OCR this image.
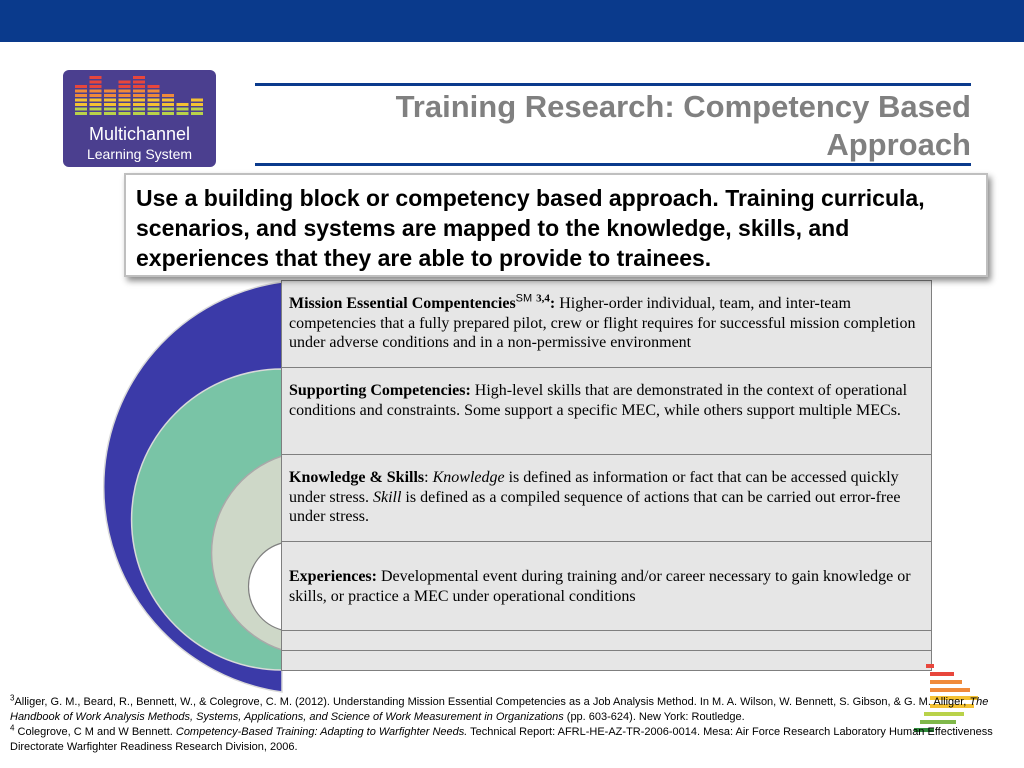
Multichannel
Learning System
Training Research: Competency Based
Approach
Mission Essential Compentencies℠ $^{3,4}$: Higher-order individual, team, and inter-team competencies that a fully prepared pilot, crew or flight requires for successful mission completion under adverse conditions and in a non-permissive environment
Supporting Competencies: High-level skills that are demonstrated in the context of operational conditions and constraints. Some support a specific MEC, while others support multiple MECs.
Knowledge & Skills: Knowledge is defined as information or fact that can be accessed quickly under stress. Skill is defined as a compiled sequence of actions that can be carried out error-free under stress.
Experiences: Developmental event during training and/or career necessary to gain knowledge or skills, or practice a MEC under operational conditions
Use a building block or competency based approach. Training curricula, scenarios, and systems are mapped to the knowledge, skills, and experiences that they are able to provide to trainees.
$^3$Alliger, G. M., Beard, R., Bennett, W., & Colegrove, C. M. (2012). Understanding Mission Essential Competencies as a Job Analysis Method. In M. A. Wilson, W. Bennett, S. Gibson, & G. M. Alliger, The Handbook of Work Analysis Methods, Systems, Applications, and Science of Work Measurement in Organizations (pp. 603-624). New York: Routledge.
$^4$ Colegrove, C M and W Bennett. Competency-Based Training: Adapting to Warfighter Needs. Technical Report: AFRL-HE-AZ-TR-2006-0014. Mesa: Air Force Research Laboratory Human Effectiveness Directorate Warfighter Readiness Research Division, 2006.
